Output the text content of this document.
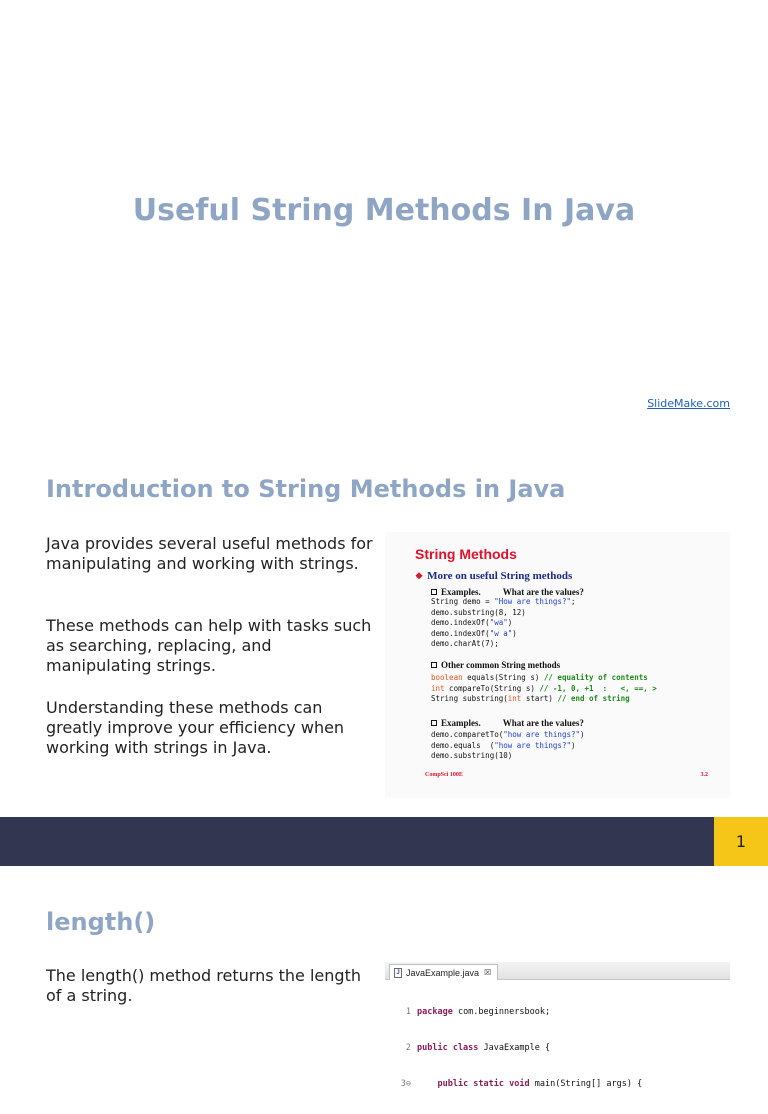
Useful String Methods In Java
SlideMake.com
Introduction to String Methods in Java

Java provides several useful methods for manipulating and working with strings.

These methods can help with tasks such as searching, replacing, and manipulating strings.

Understanding these methods can greatly improve your efficiency when working with strings in Java.

String Methods
❖ More on useful String methods
Examples. What are the values?
String demo = "How are things?";
demo.substring(8, 12)
demo.indexOf("wa")
demo.indexOf("w a")
demo.charAt(7);
Other common String methods
boolean equals(String s) // equality of contents
int compareTo(String s) // -1, 0, +1  :   <, ==, >
String substring(int start) // end of string
Examples. What are the values?
demo.comparetTo("how are things?")
demo.equals  ("how are things?")
demo.substring(10)
CompSci 100E	3.2
1
length()

The length() method returns the length of a string.

J JavaExample.java ☒

1 package com.beginnersbook;

2 public class JavaExample {

3⊖	public static void main(String[] args) {
